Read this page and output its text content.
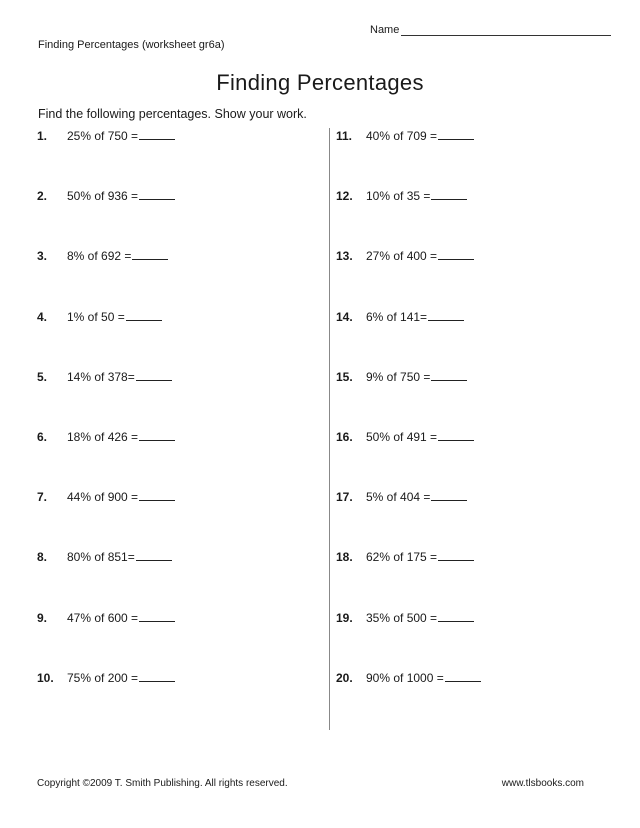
Name
Finding Percentages (worksheet gr6a)
Finding Percentages
Find the following percentages. Show your work.
1.	25% of 750 =
2.	50% of 936 =
3.	8% of 692 =
4.	1% of 50 =
5.	14% of 378=
6.	18% of 426 =
7.	44% of 900 =
8.	80% of 851=
9.	47% of 600 =
10.	75% of 200 =
11.	40% of 709 =
12.	10% of 35 =
13.	27% of 400 =
14.	6% of 141=
15.	9% of 750 =
16.	50% of 491 =
17.	5% of 404 =
18.	62% of 175 =
19.	35% of 500 =
20.	90% of 1000 =
Copyright ©2009 T. Smith Publishing. All rights reserved.	www.tlsbooks.com
